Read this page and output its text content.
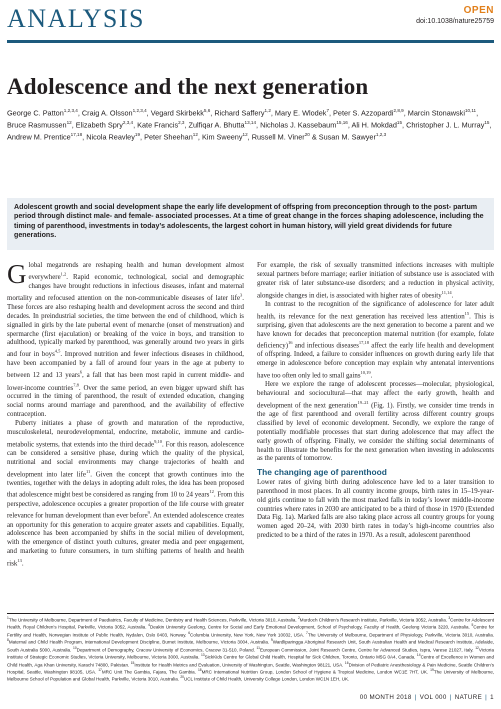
ANALYSIS	OPEN
doi:10.1038/nature25759
Adolescence and the next generation
George C. Patton$^{1,2,3,4}$, Craig A. Olsson$^{1,2,3,4}$, Vegard Skirbekk$^{5,6}$, Richard Saffery$^{1,2}$, Mary E. Wlodek$^7$, Peter S. Azzopardi$^{2,8,9}$, Marcin Stonawski$^{10,11}$, Bruce Rasmussen$^{12}$, Elizabeth Spry$^{2,3,4}$, Kate Francis$^{2,3}$, Zulfiqar A. Bhutta$^{13,14}$, Nicholas J. Kassebaum$^{15,16}$, Ali H. Mokdad$^{15}$, Christopher J. L. Murray$^{15}$, Andrew M. Prentice$^{17,18}$, Nicola Reavley$^{19}$, Peter Sheehan$^{12}$, Kim Sweeny$^{12}$, Russell M. Viner$^{20}$ & Susan M. Sawyer$^{1,2,3}$
Adolescent growth and social development shape the early life development of offspring from preconception through to the post- partum period through distinct male- and female- associated processes. At a time of great change in the forces shaping adolescence, including the timing of parenthood, investments in today’s adolescents, the largest cohort in human history, will yield great dividends for future generations.

Global megatrends are reshaping health and human development almost everywhere$^{1,2}$. Rapid economic, technological, social and demographic changes have brought reductions in infectious diseases, infant and maternal mortality and refocused attention on the non-communicable diseases of later life$^3$. These forces are also reshaping health and development across the second and third decades. In preindustrial societies, the time between the end of childhood, which is signalled in girls by the late pubertal event of menarche (onset of menstruation) and spermarche (first ejaculation) or breaking of the voice in boys, and transition to adulthood, typically marked by parenthood, was generally around two years in girls and four in boys$^{4,5}$. Improved nutrition and fewer infectious diseases in childhood, have been accompanied by a fall of around four years in the age at puberty to between 12 and 13 years$^6$, a fall that has been most rapid in current middle- and lower-income countries$^{7,8}$. Over the same period, an even bigger upward shift has occurred in the timing of parenthood, the result of extended education, changing social norms around marriage and parenthood, and the availability of effective contraception.

Puberty initiates a phase of growth and maturation of the reproductive, musculoskeletal, neurodevelopmental, endocrine, metabolic, immune and cardio-metabolic systems, that extends into the third decade$^{9,10}$. For this reason, adolescence can be considered a sensitive phase, during which the quality of the physical, nutritional and social environments may change trajectories of health and development into later life$^{11}$. Given the concept that growth continues into the twenties, together with the delays in adopting adult roles, the idea has been proposed that adolescence might best be considered as ranging from 10 to 24 years$^{12}$. From this perspective, adolescence occupies a greater proportion of the life course with greater relevance for human development than ever before$^9$. An extended adolescence creates an opportunity for this generation to acquire greater assets and capabilities. Equally, adolescence has been accompanied by shifts in the social milieu of development, with the emergence of distinct youth cultures, greater media and peer engagement, and marketing to future consumers, in turn shifting patterns of health and health risk$^{13}$.

For example, the risk of sexually transmitted infections increases with multiple sexual partners before marriage; earlier initiation of substance use is associated with greater risk of later substance-use disorders; and a reduction in physical activity, alongside changes in diet, is associated with higher rates of obesity$^{11,14}$.

In contrast to the recognition of the significance of adolescence for later adult health, its relevance for the next generation has received less attention$^{15}$. This is surprising, given that adolescents are the next generation to become a parent and we have known for decades that preconception maternal nutrition (for example, folate deficiency)$^{16}$ and infectious diseases$^{17,18}$ affect the early life health and development of offspring. Indeed, a failure to consider influences on growth during early life that emerge in adolescence before conception may explain why antenatal interventions have too often only led to small gains$^{10,19}$.

Here we explore the range of adolescent processes—molecular, physiological, behavioural and sociocultural—that may affect the early growth, health and development of the next generation$^{19-21}$ (Fig. 1). Firstly, we consider time trends in the age of first parenthood and overall fertility across different country groups classified by level of economic development. Secondly, we explore the range of potentially modifiable processes that start during adolescence that may affect the early growth of offspring. Finally, we consider the shifting social determinants of health to illustrate the benefits for the next generation when investing in adolescents as the parents of tomorrow.

The changing age of parenthood

Lower rates of giving birth during adolescence have led to a later transition to parenthood in most places. In all country income groups, birth rates in 15–19-year-old girls continue to fall with the most marked falls in today’s lower middle-income countries where rates in 2030 are anticipated to be a third of those in 1970 (Extended Data Fig. 1a). Marked falls are also taking place across all country groups for young women aged 20–24, with 2030 birth rates in today’s high-income countries also predicted to be a third of the rates in 1970. As a result, adolescent parenthood

$^1$The University of Melbourne, Department of Paediatrics, Faculty of Medicine, Dentistry and Health Sciences, Parkville, Victoria 3010, Australia. $^2$Murdoch Children’s Research Institute, Parkville, Victoria 3052, Australia. $^3$Centre for Adolescent Health, Royal Children’s Hospital, Parkville, Victoria 3052, Australia. $^4$Deakin University Geelong, Centre for Social and Early Emotional Development, School of Psychology, Faculty of Health, Geelong Victoria 3220, Australia. $^5$Centre for Fertility and Health, Norwegian Institute of Public Health, Nydalen, Oslo 0403, Norway. $^6$Columbia University, New York, New York 10032, USA. $^7$The University of Melbourne, Department of Physiology, Parkville, Victoria 3010, Australia. $^8$Maternal and Child Health Program, International Development Discipline, Burnet Institute, Melbourne, Victoria 3004, Australia. $^9$Wardliparingga Aboriginal Research Unit, South Australian Health and Medical Research Institute, Adelaide, South Australia 5000, Australia. $^{10}$Department of Demography, Cracow University of Economics, Cracow 31-510, Poland. $^{11}$European Commission, Joint Research Centre, Centre for Advanced Studies, Ispra, Varese 21027, Italy. $^{12}$Victoria Institute of Strategic Economic Studies, Victoria University, Melbourne, Victoria 3000, Australia. $^{13}$SickKids Centre for Global Child Health, Hospital for Sick Children, Toronto, Ontario M5G 0A4, Canada. $^{14}$Centre of Excellence in Women and Child Health, Aga Khan University, Karachi 74800, Pakistan. $^{15}$Institute for Health Metrics and Evaluation, University of Washington, Seattle, Washington 98121, USA. $^{16}$Division of Pediatric Anesthesiology & Pain Medicine, Seattle Children’s Hospital, Seattle, Washington 98105, USA. $^{17}$MRC Unit The Gambia, Fajara, The Gambia. $^{18}$MRC International Nutrition Group, London School of Hygiene & Tropical Medicine, London WC1E 7HT, UK. $^{19}$The University of Melbourne, Melbourne School of Population and Global Health, Parkville, Victoria 3010, Australia. $^{20}$UCL Institute of Child Health, University College London, London WC1N 1EH, UK.
00 MONTH 2018 | VOL 000 | NATURE | 1
